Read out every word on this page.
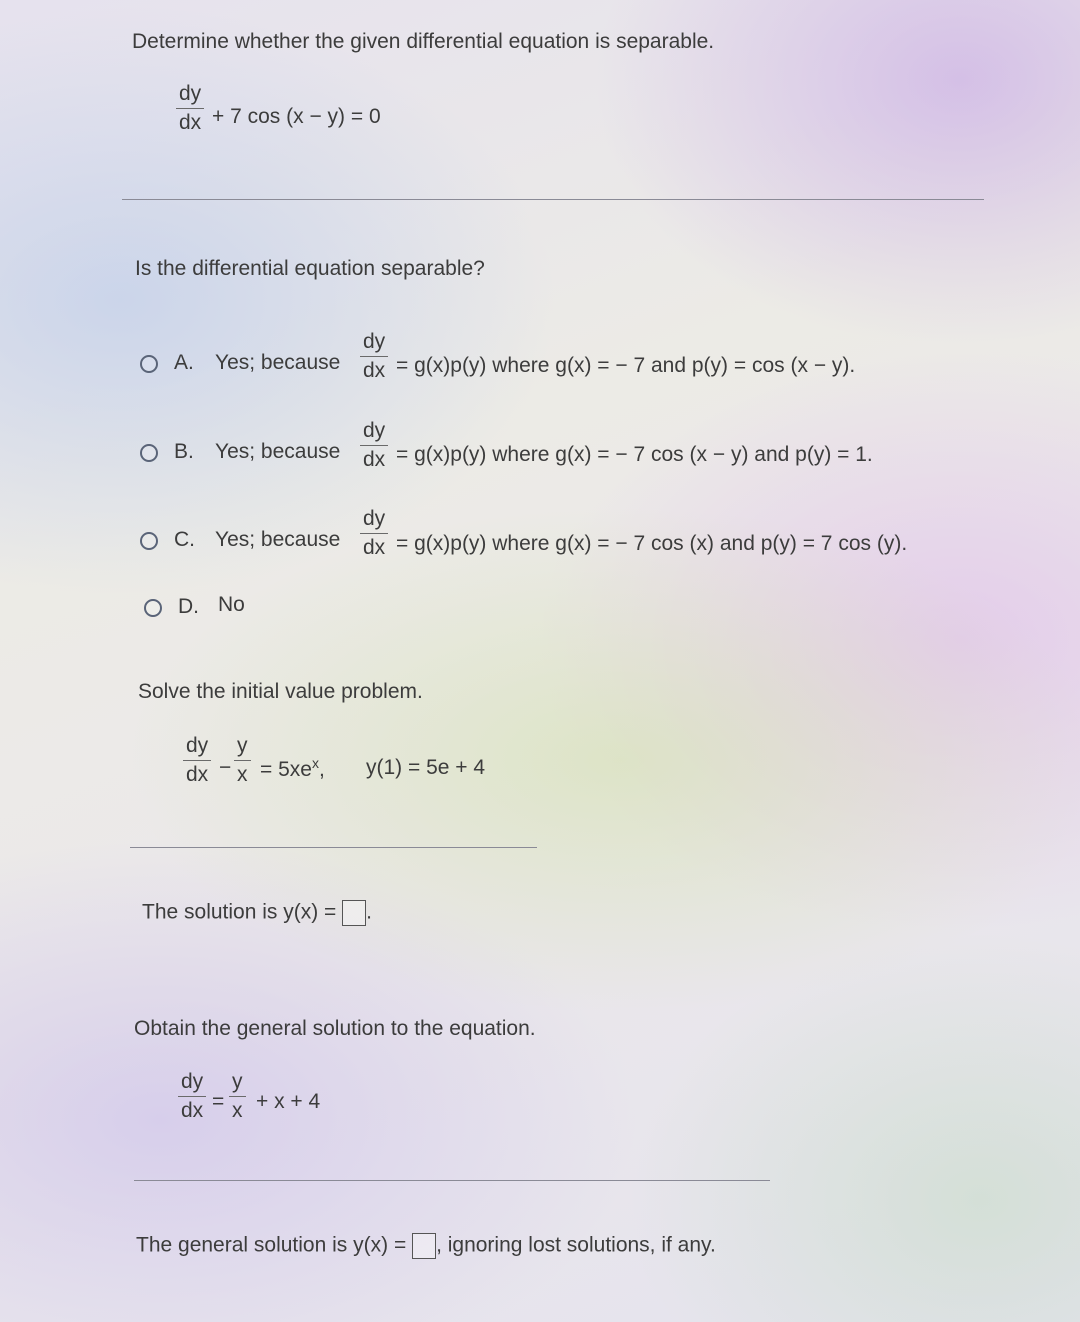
Determine whether the given differential equation is separable.
$\frac{dy}{dx} + 7$ cos (x − y) = 0
Is the differential equation separable?
A. Yes; because $\frac{dy}{dx} = g(x)p(y)$ where g(x) = − 7 and p(y) = cos (x − y).
B. Yes; because $\frac{dy}{dx} = g(x)p(y)$ where g(x) = − 7 cos (x − y) and p(y) = 1.
C. Yes; because $\frac{dy}{dx} = g(x)p(y)$ where g(x) = − 7 cos (x) and p(y) = 7 cos (y).
D. No
Solve the initial value problem.
$\frac{dy}{dx} - \frac{y}{x} = 5xe^x$, y(1) = 5e + 4
The solution is y(x) = .
Obtain the general solution to the equation.
$\frac{dy}{dx} = \frac{y}{x} + x + 4$
The general solution is y(x) = , ignoring lost solutions, if any.
